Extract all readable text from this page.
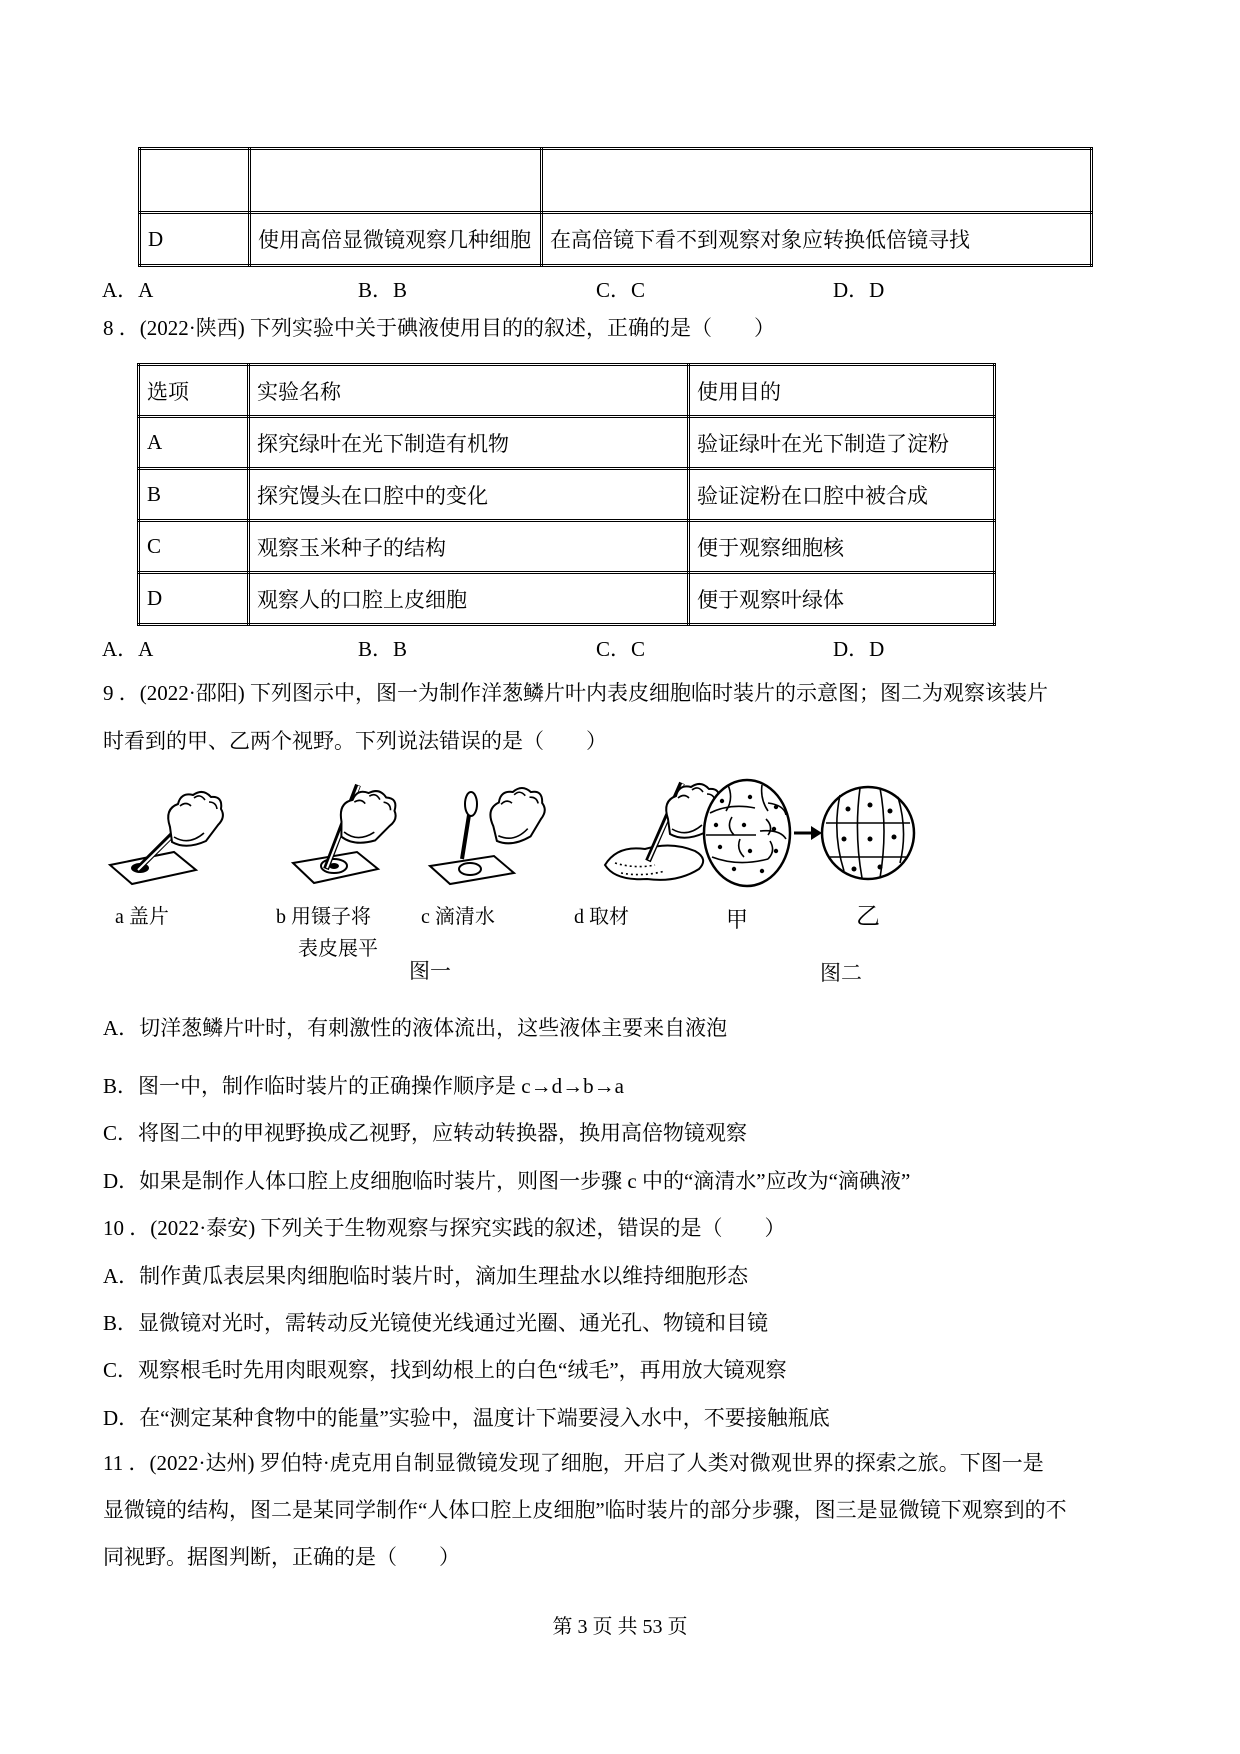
D	使用高倍显微镜观察几种细胞	在高倍镜下看不到观察对象应转换低倍镜寻找
A．A	B．B	C．C	D．D
8 ．(2022·陕西) 下列实验中关于碘液使用目的的叙述，正确的是（　　）
选项	实验名称	使用目的
A	探究绿叶在光下制造有机物	验证绿叶在光下制造了淀粉
B	探究馒头在口腔中的变化	验证淀粉在口腔中被合成
C	观察玉米种子的结构	便于观察细胞核
D	观察人的口腔上皮细胞	便于观察叶绿体
A．A	B．B	C．C	D．D
9 ．(2022·邵阳) 下列图示中，图一为制作洋葱鳞片叶内表皮细胞临时装片的示意图；图二为观察该装片
时看到的甲、乙两个视野。下列说法错误的是（　　）
a 盖片	b 用镊子将
表皮展平
c 滴清水	d 取材	甲	乙
图一	图二
A．切洋葱鳞片叶时，有刺激性的液体流出，这些液体主要来自液泡
B．图一中，制作临时装片的正确操作顺序是 c→d→b→a
C．将图二中的甲视野换成乙视野，应转动转换器，换用高倍物镜观察
D．如果是制作人体口腔上皮细胞临时装片，则图一步骤 c 中的“滴清水”应改为“滴碘液”
10 ．(2022·泰安) 下列关于生物观察与探究实践的叙述，错误的是（　　）
A．制作黄瓜表层果肉细胞临时装片时，滴加生理盐水以维持细胞形态
B．显微镜对光时，需转动反光镜使光线通过光圈、通光孔、物镜和目镜
C．观察根毛时先用肉眼观察，找到幼根上的白色“绒毛”，再用放大镜观察
D．在“测定某种食物中的能量”实验中，温度计下端要浸入水中，不要接触瓶底
11 ．(2022·达州) 罗伯特·虎克用自制显微镜发现了细胞，开启了人类对微观世界的探索之旅。下图一是
显微镜的结构，图二是某同学制作“人体口腔上皮细胞”临时装片的部分步骤，图三是显微镜下观察到的不
同视野。据图判断，正确的是（　　）
第 3 页 共 53 页
